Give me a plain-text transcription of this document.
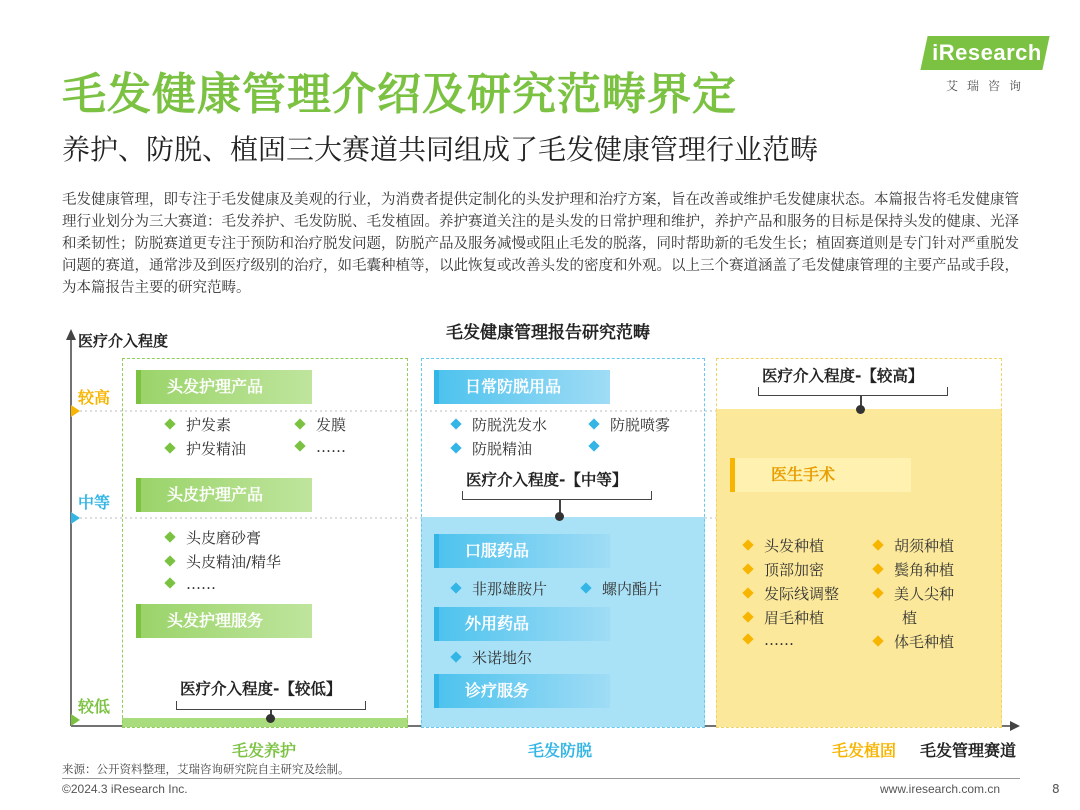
iResearch
艾瑞咨询
毛发健康管理介绍及研究范畴界定
养护、防脱、植固三大赛道共同组成了毛发健康管理行业范畴
毛发健康管理，即专注于毛发健康及美观的行业，为消费者提供定制化的头发护理和治疗方案，旨在改善或维护毛发健康状态。本篇报告将毛发健康管理行业划分为三大赛道：毛发养护、毛发防脱、毛发植固。养护赛道关注的是头发的日常护理和维护，养护产品和服务的目标是保持头发的健康、光泽和柔韧性；防脱赛道更专注于预防和治疗脱发问题，防脱产品及服务减慢或阻止毛发的脱落，同时帮助新的毛发生长；植固赛道则是专门针对严重脱发问题的赛道，通常涉及到医疗级别的治疗，如毛囊种植等，以此恢复或改善头发的密度和外观。以上三个赛道涵盖了毛发健康管理的主要产品或手段，为本篇报告主要的研究范畴。
毛发健康管理报告研究范畴
医疗介入程度
较高
中等
较低
头发护理产品
护发素	发膜
护发精油	……
头皮护理产品
头皮磨砂膏
头皮精油/精华
……
头发护理服务
医疗介入程度-【较低】
日常防脱用品
防脱洗发水	防脱喷雾
防脱精油
医疗介入程度-【中等】
口服药品
非那雄胺片	螺内酯片
外用药品
米诺地尔
诊疗服务
医疗介入程度-【较高】
医生手术
头发种植	胡须种植
顶部加密	鬓角种植
发际线调整	美人尖种
植
眉毛种植
体毛种植
……
毛发养护	毛发防脱	毛发植固 毛发管理赛道
来源：公开资料整理，艾瑞咨询研究院自主研究及绘制。
©2024.3 iResearch Inc.	www.iresearch.com.cn	8
